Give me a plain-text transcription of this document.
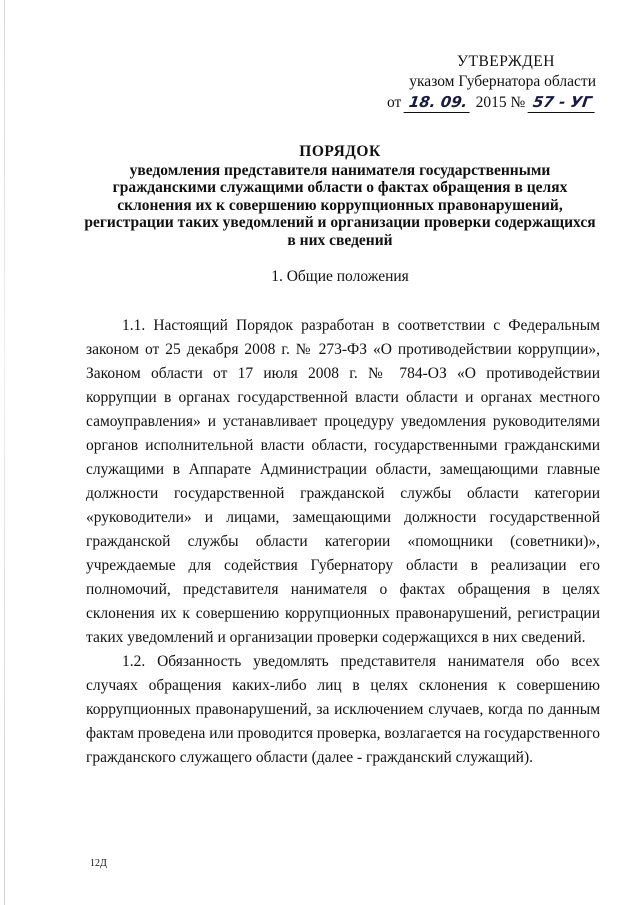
УТВЕРЖДЕН
указом Губернатора области
от 18. 09. 2015 № 57 - УГ
ПОРЯДОК
уведомления представителя нанимателя государственными гражданскими служащими области о фактах обращения в целях склонения их к совершению коррупционных правонарушений, регистрации таких уведомлений и организации проверки содержащихся в них сведений
1. Общие положения

1.1. Настоящий Порядок разработан в соответствии с Федеральным законом от 25 декабря 2008 г. № 273-ФЗ «О противодействии коррупции», Законом области от 17 июля 2008 г. № 784-ОЗ «О противодействии коррупции в органах государственной власти области и органах местного самоуправления» и устанавливает процедуру уведомления руководителями органов исполнительной власти области, государственными гражданскими служащими в Аппарате Администрации области, замещающими главные должности государственной гражданской службы области категории «руководители» и лицами, замещающими должности государственной гражданской службы области категории «помощники (советники)», учреждаемые для содействия Губернатору области в реализации его полномочий, представителя нанимателя о фактах обращения в целях склонения их к совершению коррупционных правонарушений, регистрации таких уведомлений и организации проверки содержащихся в них сведений.

1.2. Обязанность уведомлять представителя нанимателя обо всех случаях обращения каких-либо лиц в целях склонения к совершению коррупционных правонарушений, за исключением случаев, когда по данным фактам проведена или проводится проверка, возлагается на государственного гражданского служащего области (далее - гражданский служащий).

12Д
